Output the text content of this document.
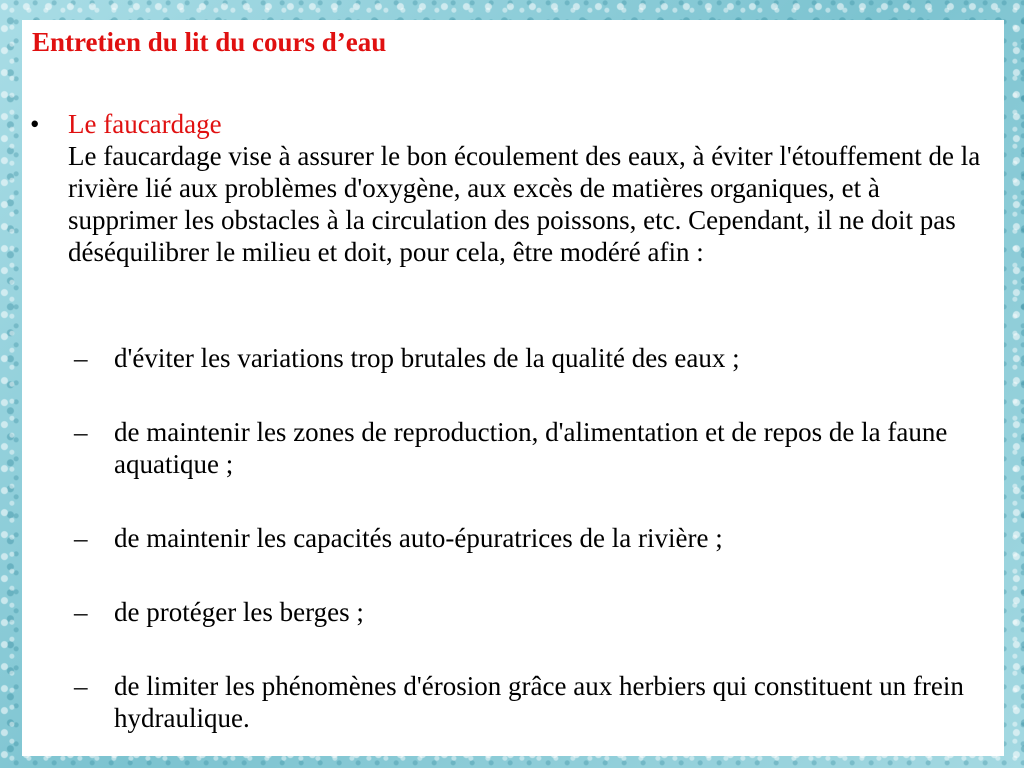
Entretien du lit du cours d’eau
• Le faucardage
Le faucardage vise à assurer le bon écoulement des eaux, à éviter l'étouffement de la rivière lié aux problèmes d'oxygène, aux excès de matières organiques, et à supprimer les obstacles à la circulation des poissons, etc. Cependant, il ne doit pas déséquilibrer le milieu et doit, pour cela, être modéré afin :
– d'éviter les variations trop brutales de la qualité des eaux ;
– de maintenir les zones de reproduction, d'alimentation et de repos de la faune aquatique ;
– de maintenir les capacités auto-épuratrices de la rivière ;
– de protéger les berges ;
– de limiter les phénomènes d'érosion grâce aux herbiers qui constituent un frein hydraulique.
